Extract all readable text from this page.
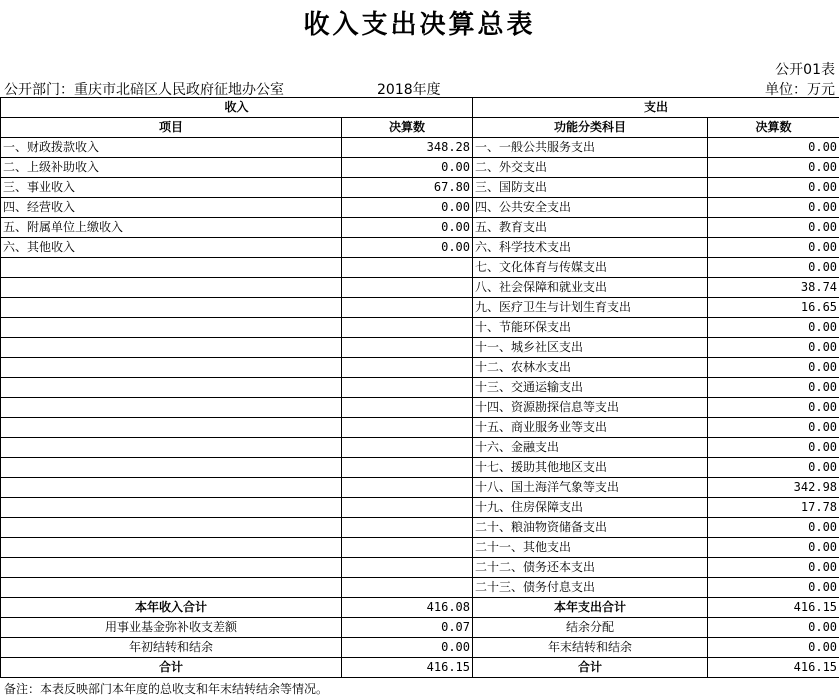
收入支出决算总表
公开01表
公开部门：重庆市北碚区人民政府征地办公室	2018年度	单位：万元
收入		支出	
项目	决算数	功能分类科目	决算数
一、财政拨款收入	348.28	一、一般公共服务支出	0.00
二、上级补助收入	0.00	二、外交支出	0.00
三、事业收入	67.80	三、国防支出	0.00
四、经营收入	0.00	四、公共安全支出	0.00
五、附属单位上缴收入	0.00	五、教育支出	0.00
六、其他收入	0.00	六、科学技术支出	0.00
		七、文化体育与传媒支出	0.00
		八、社会保障和就业支出	38.74
		九、医疗卫生与计划生育支出	16.65
		十、节能环保支出	0.00
		十一、城乡社区支出	0.00
		十二、农林水支出	0.00
		十三、交通运输支出	0.00
		十四、资源勘探信息等支出	0.00
		十五、商业服务业等支出	0.00
		十六、金融支出	0.00
		十七、援助其他地区支出	0.00
		十八、国土海洋气象等支出	342.98
		十九、住房保障支出	17.78
		二十、粮油物资储备支出	0.00
		二十一、其他支出	0.00
		二十二、债务还本支出	0.00
		二十三、债务付息支出	0.00
本年收入合计	416.08	本年支出合计	416.15
用事业基金弥补收支差额	0.07	结余分配	0.00
年初结转和结余	0.00	年末结转和结余	0.00
合计	416.15	合计	416.15
备注：本表反映部门本年度的总收支和年末结转结余等情况。
